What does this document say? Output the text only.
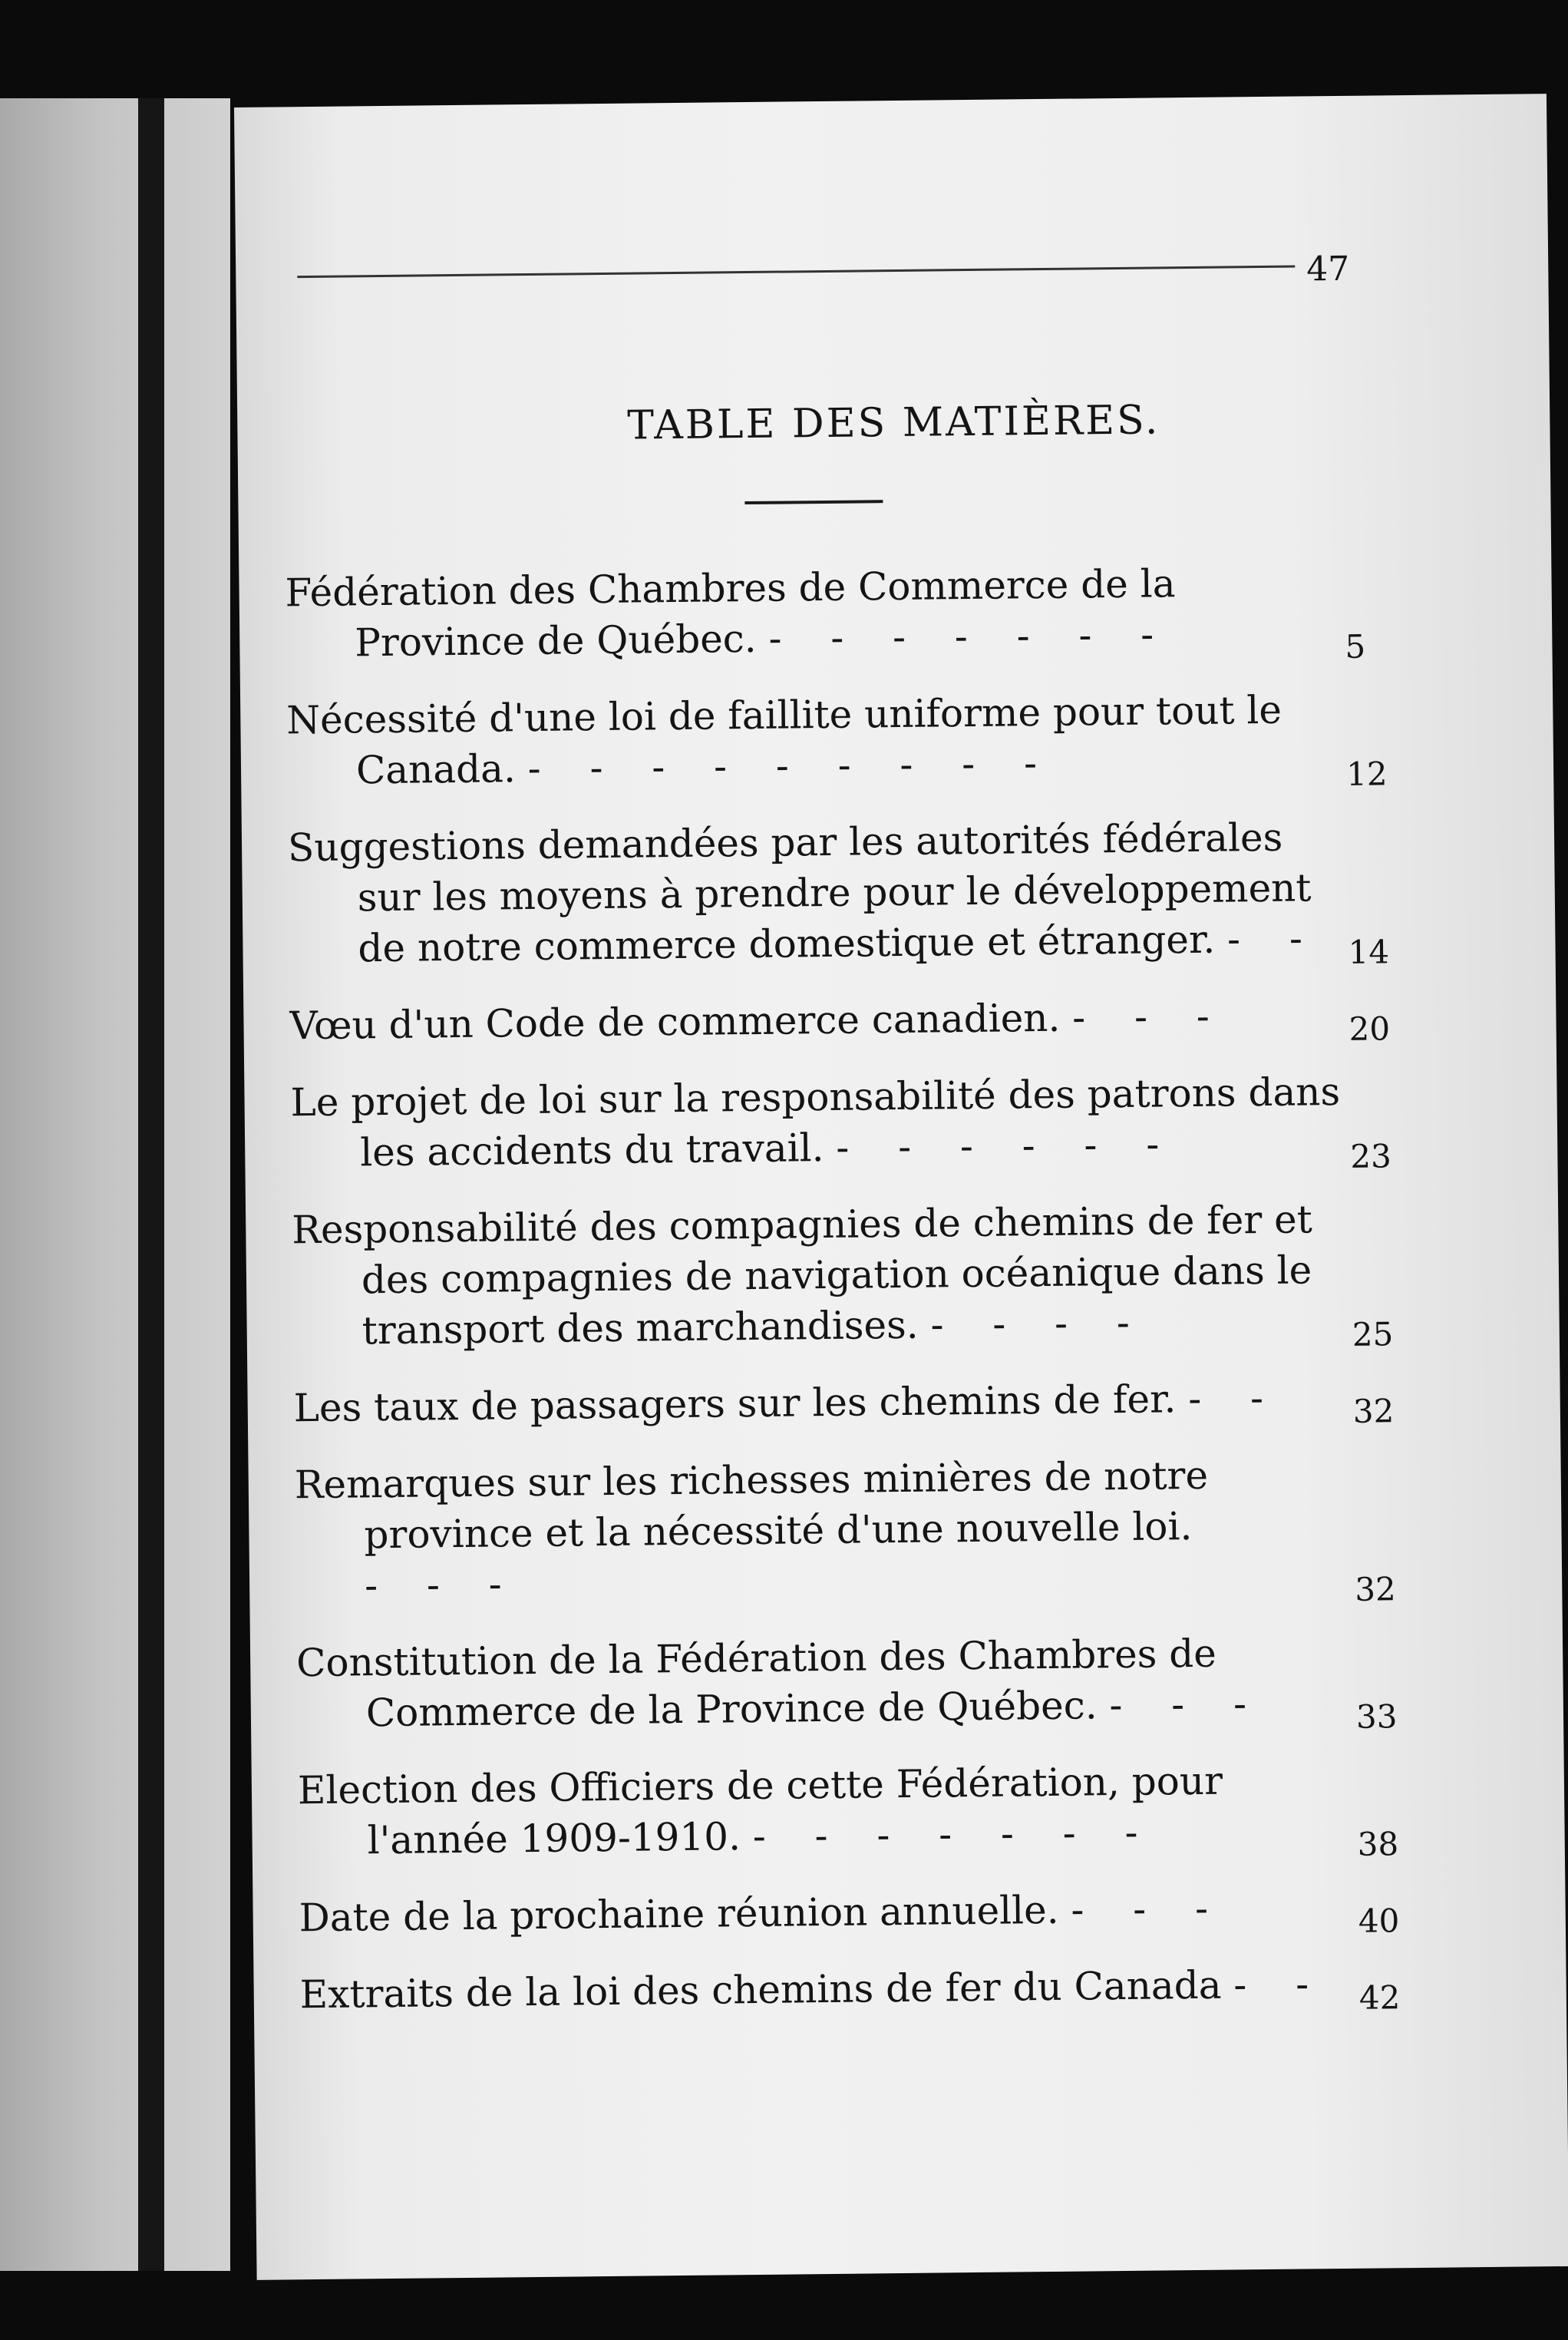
47
TABLE DES MATIÈRES.
Fédération des Chambres de Commerce de la Province de Québec. - - - - - - -	5
Nécessité d'une loi de faillite uniforme pour tout le Canada. - - - - - - - - -	12
Suggestions demandées par les autorités fédérales sur les moyens à prendre pour le développement de notre commerce domestique et étranger. - - 14
Vœu d'un Code de commerce canadien. - - -	20
Le projet de loi sur la responsabilité des patrons dans les accidents du travail. - - - - - -	23
Responsabilité des compagnies de chemins de fer et des compagnies de navigation océanique dans le transport des marchandises. - - - -	25
Les taux de passagers sur les chemins de fer. - -	32
Remarques sur les richesses minières de notre province et la nécessité d'une nouvelle loi. - - -	32
Constitution de la Fédération des Chambres de Commerce de la Province de Québec. - - -	33
Election des Officiers de cette Fédération, pour l'année 1909-1910. - - - - - - -	38
Date de la prochaine réunion annuelle. - - -	40
Extraits de la loi des chemins de fer du Canada - - 42
